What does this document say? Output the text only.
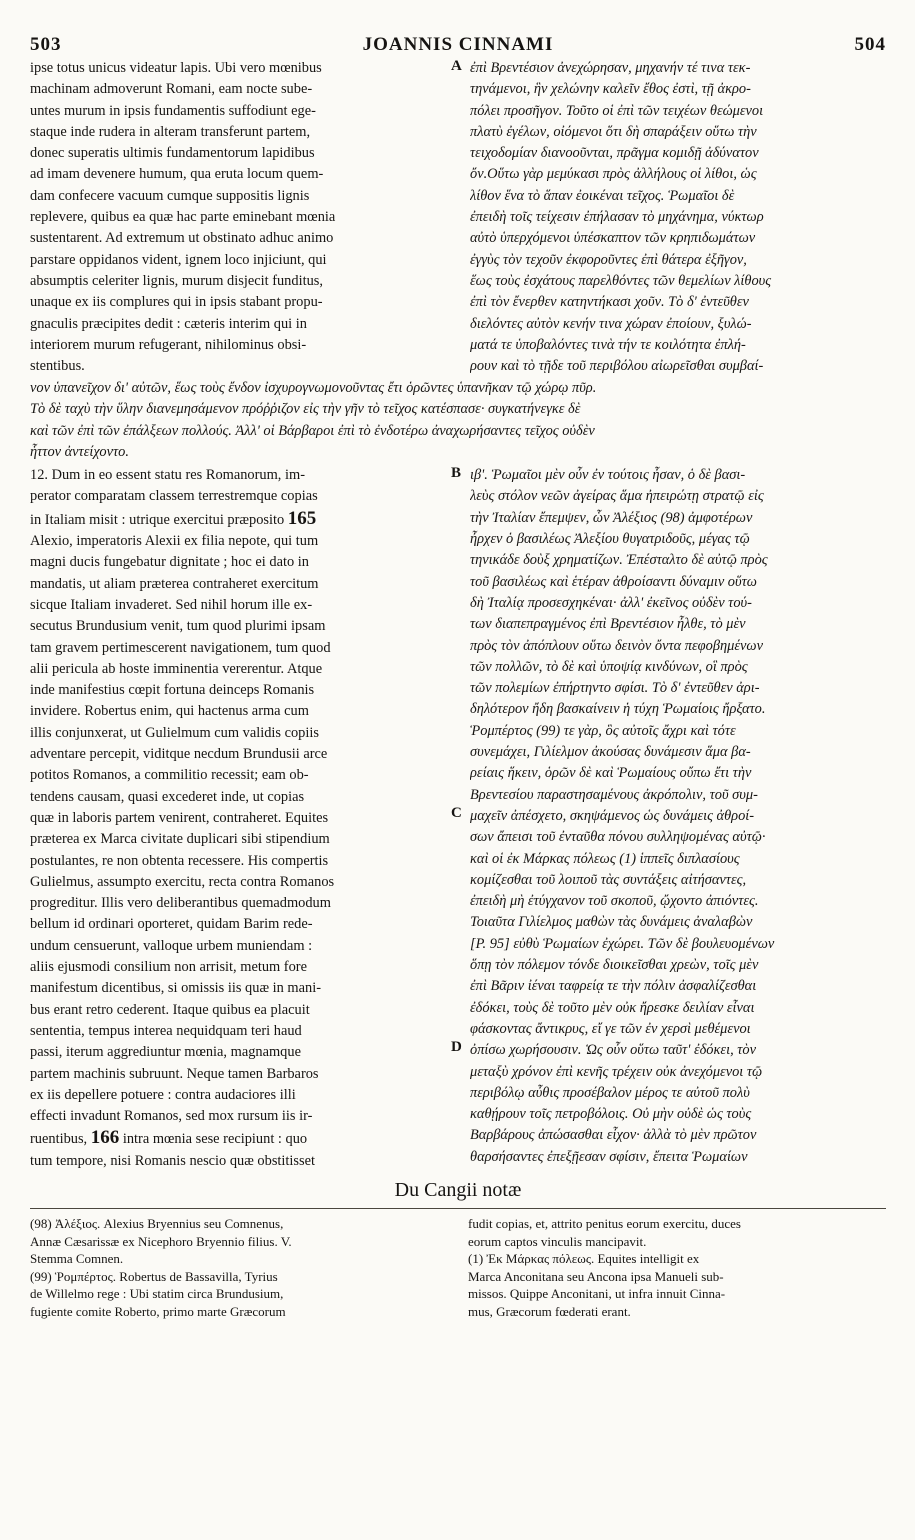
503	JOANNIS CINNAMI	504
ipse totus unicus videatur lapis. Ubi vero mœnibus
machinam admoverunt Romani, eam nocte sube-
untes murum in ipsis fundamentis suffodiunt ege-
staque inde rudera in alteram transferunt partem,
donec superatis ultimis fundamentorum lapidibus
ad imam devenere humum, qua eruta locum quem-
dam confecere vacuum cumque suppositis lignis
replevere, quibus ea quæ hac parte eminebant mœnia
sustentarent. Ad extremum ut obstinato adhuc animo
parstare oppidanos vident, ignem loco injiciunt, qui
absumptis celeriter lignis, murum disjecit funditus,
unaque ex iis complures qui in ipsis stabant propu-
gnaculis præcipites dedit : cæteris interim qui in
interiorem murum refugerant, nihilominus obsi-
stentibus.
A ἐπὶ Βρεντέσιον ἀνεχώρησαν, μηχανήν τέ τινα τεκ-
τηνάμενοι, ἣν χελώνην καλεῖν ἔθος ἐστὶ, τῇ ἀκρο-
πόλει προσῆγον. Τοῦτο οἱ ἐπὶ τῶν τειχέων θεώμενοι
πλατὺ ἐγέλων, οἰόμενοι ὅτι δὴ σπαράξειν οὕτω τὴν
τειχοδομίαν διανοοῦνται, πρᾶγμα κομιδῇ ἀδύνατον
ὄν.Οὕτω γὰρ μεμύκασι πρὸς ἀλλήλους οἱ λίθοι, ὡς
λίθον ἕνα τὸ ἅπαν ἐοικέναι τεῖχος. Ῥωμαῖοι δὲ
ἐπειδὴ τοῖς τείχεσιν ἐπήλασαν τὸ μηχάνημα, νύκτωρ
αὐτὸ ὑπερχόμενοι ὑπέσκαπτον τῶν κρηπιδωμάτων
ἐγγὺς τὸν τεχοῦν ἐκφοροῦντες ἐπὶ θάτερα ἐξῆγον,
ἕως τοὺς ἐσχάτους παρελθόντες τῶν θεμελίων λίθους
ἐπὶ τὸν ἔνερθεν κατηντήκασι χοῦν. Τὸ δ' ἐντεῦθεν
διελόντες αὐτὸν κενήν τινα χώραν ἐποίουν, ξυλώ-
ματά τε ὑποβαλόντες τινὰ τήν τε κοιλότητα ἐπλή-
ρουν καὶ τὸ τῇδε τοῦ περιβόλου αἰωρεῖσθαι συμβαί-
νον ὑπανεῖχον δι' αὐτῶν, ἕως τοὺς ἔνδον ἰσχυρογνωμονοῦντας ἔτι ὁρῶντες ὑπανῆκαν τῷ χώρῳ πῦρ.
Τὸ δὲ ταχὺ τὴν ὕλην διανεμησάμενον πρόῤῥιζον εἰς τὴν γῆν τὸ τεῖχος κατέσπασε· συγκατήνεγκε δὲ
καὶ τῶν ἐπὶ τῶν ἐπάλξεων πολλούς. Ἀλλ' οἱ Βάρβαροι ἐπὶ τὸ ἐνδοτέρω ἀναχωρήσαντες τεῖχος οὐδὲν
ἧττον ἀντείχοντο.
12. Dum in eo essent statu res Romanorum, im-
perator comparatam classem terrestremque copias
in Italiam misit : utrique exercitui præposito 165
Alexio, imperatoris Alexii ex filia nepote, qui tum
magni ducis fungebatur dignitate ; hoc ei dato in
mandatis, ut aliam præterea contraheret exercitum
sicque Italiam invaderet. Sed nihil horum ille ex-
secutus Brundusium venit, tum quod plurimi ipsam
tam gravem pertimescerent navigationem, tum quod
alii pericula ab hoste imminentia vererentur. Atque
inde manifestius cœpit fortuna deinceps Romanis
invidere. Robertus enim, qui hactenus arma cum
illis conjunxerat, ut Gulielmum cum validis copiis
adventare percepit, viditque necdum Brundusii arce
potitos Romanos, a commilitio recessit; eam ob-
tendens causam, quasi excederet inde, ut copias
quæ in laboris partem venirent, contraheret. Equites
præterea ex Marca civitate duplicari sibi stipendium
postulantes, re non obtenta recessere. His compertis
Gulielmus, assumpto exercitu, recta contra Romanos
progreditur. Illis vero deliberantibus quemadmodum
bellum id ordinari oporteret, quidam Barim rede-
undum censuerunt, valloque urbem muniendam :
aliis ejusmodi consilium non arrisit, metum fore
manifestum dicentibus, si omissis iis quæ in mani-
bus erant retro cederent. Itaque quibus ea placuit
sententia, tempus interea nequidquam teri haud
passi, iterum aggrediuntur mœnia, magnamque
partem machinis subruunt. Neque tamen Barbaros
ex iis depellere potuere : contra audaciores illi
effecti invadunt Romanos, sed mox rursum iis ir-
ruentibus, 166 intra mœnia sese recipiunt : quo
tum tempore, nisi Romanis nescio quæ obstitisset
B
C
D
ιβ'. Ῥωμαῖοι μὲν οὖν ἐν τούτοις ἦσαν, ὁ δὲ βασι-
λεὺς στόλον νεῶν ἀγείρας ἅμα ἠπειρώτῃ στρατῷ εἰς
τὴν Ἰταλίαν ἔπεμψεν, ὧν Ἀλέξιος (98) ἀμφοτέρων
ἦρχεν ὁ βασιλέως Ἀλεξίου θυγατριδοῦς, μέγας τῷ
τηνικάδε δοὺξ χρηματίζων. Ἐπέσταλτο δὲ αὐτῷ πρὸς
τοῦ βασιλέως καὶ ἑτέραν ἀθροίσαντι δύναμιν οὕτω
δὴ Ἰταλίᾳ προσεσχηκέναι· ἀλλ' ἐκεῖνος οὐδὲν τού-
των διαπεπραγμένος ἐπὶ Βρεντέσιον ἦλθε, τὸ μὲν
πρὸς τὸν ἀπόπλουν οὕτω δεινὸν ὄντα πεφοβημένων
τῶν πολλῶν, τὸ δὲ καὶ ὑποψίᾳ κινδύνων, οἳ πρὸς
τῶν πολεμίων ἐπήρτηντο σφίσι. Τὸ δ' ἐντεῦθεν ἀρι-
δηλότερον ἤδη βασκαίνειν ἡ τύχη Ῥωμαίοις ἤρξατο.
Ῥομπέρτος (99) τε γὰρ, ὃς αὐτοῖς ἄχρι καὶ τότε
συνεμάχει, Γιλίελμον ἀκούσας δυνάμεσιν ἅμα βα-
ρείαις ἥκειν, ὁρῶν δὲ καὶ Ῥωμαίους οὔπω ἔτι τὴν
Βρεντεσίου παραστησαμένους ἀκρόπολιν, τοῦ συμ-
μαχεῖν ἀπέσχετο, σκηψάμενος ὡς δυνάμεις ἀθροί-
σων ἄπεισι τοῦ ἐνταῦθα πόνου συλληψομένας αὐτῷ·
καὶ οἱ ἐκ Μάρκας πόλεως (1) ἱππεῖς διπλασίους
κομίζεσθαι τοῦ λοιποῦ τὰς συντάξεις αἰτήσαντες,
ἐπειδὴ μὴ ἐτύγχανον τοῦ σκοποῦ, ᾤχοντο ἀπιόντες.
Τοιαῦτα Γιλίελμος μαθὼν τὰς δυνάμεις ἀναλαβὼν
[P. 95] εὐθὺ Ῥωμαίων ἐχώρει. Τῶν δὲ βουλευομένων
ὅπῃ τὸν πόλεμον τόνδε διοικεῖσθαι χρεὼν, τοῖς μὲν
ἐπὶ Βᾶριν ἰέναι ταφρείᾳ τε τὴν πόλιν ἀσφαλίζεσθαι
ἐδόκει, τοὺς δὲ τοῦτο μὲν οὐκ ἤρεσκε δειλίαν εἶναι
φάσκοντας ἄντικρυς, εἴ γε τῶν ἐν χερσὶ μεθέμενοι
ὀπίσω χωρήσουσιν. Ὡς οὖν οὕτω ταῦτ' ἐδόκει, τὸν
μεταξὺ χρόνον ἐπὶ κενῆς τρέχειν οὐκ ἀνεχόμενοι τῷ
περιβόλῳ αὖθις προσέβαλον μέρος τε αὐτοῦ πολὺ
καθῄρουν τοῖς πετροβόλοις. Οὐ μὴν οὐδὲ ὡς τοὺς
Βαρβάρους ἀπώσασθαι εἶχον· ἀλλὰ τὸ μὲν πρῶτον
θαρσήσαντες ἐπεξῇεσαν σφίσιν, ἔπειτα Ῥωμαίων
Du Cangii notæ
(98) Ἀλέξιος. Alexius Bryennius seu Comnenus,
Annæ Cæsarissæ ex Nicephoro Bryennio filius. V.
Stemma Comnen.
(99) Ῥομπέρτος. Robertus de Bassavilla, Tyrius
de Willelmo rege : Ubi statim circa Brundusium,
fugiente comite Roberto, primo marte Græcorum
fudit copias, et, attrito penitus eorum exercitu, duces
eorum captos vinculis mancipavit.
(1) Ἐκ Μάρκας πόλεως. Equites intelligit ex
Marca Anconitana seu Ancona ipsa Manueli sub-
missos. Quippe Anconitani, ut infra innuit Cinna-
mus, Græcorum fœderati erant.
